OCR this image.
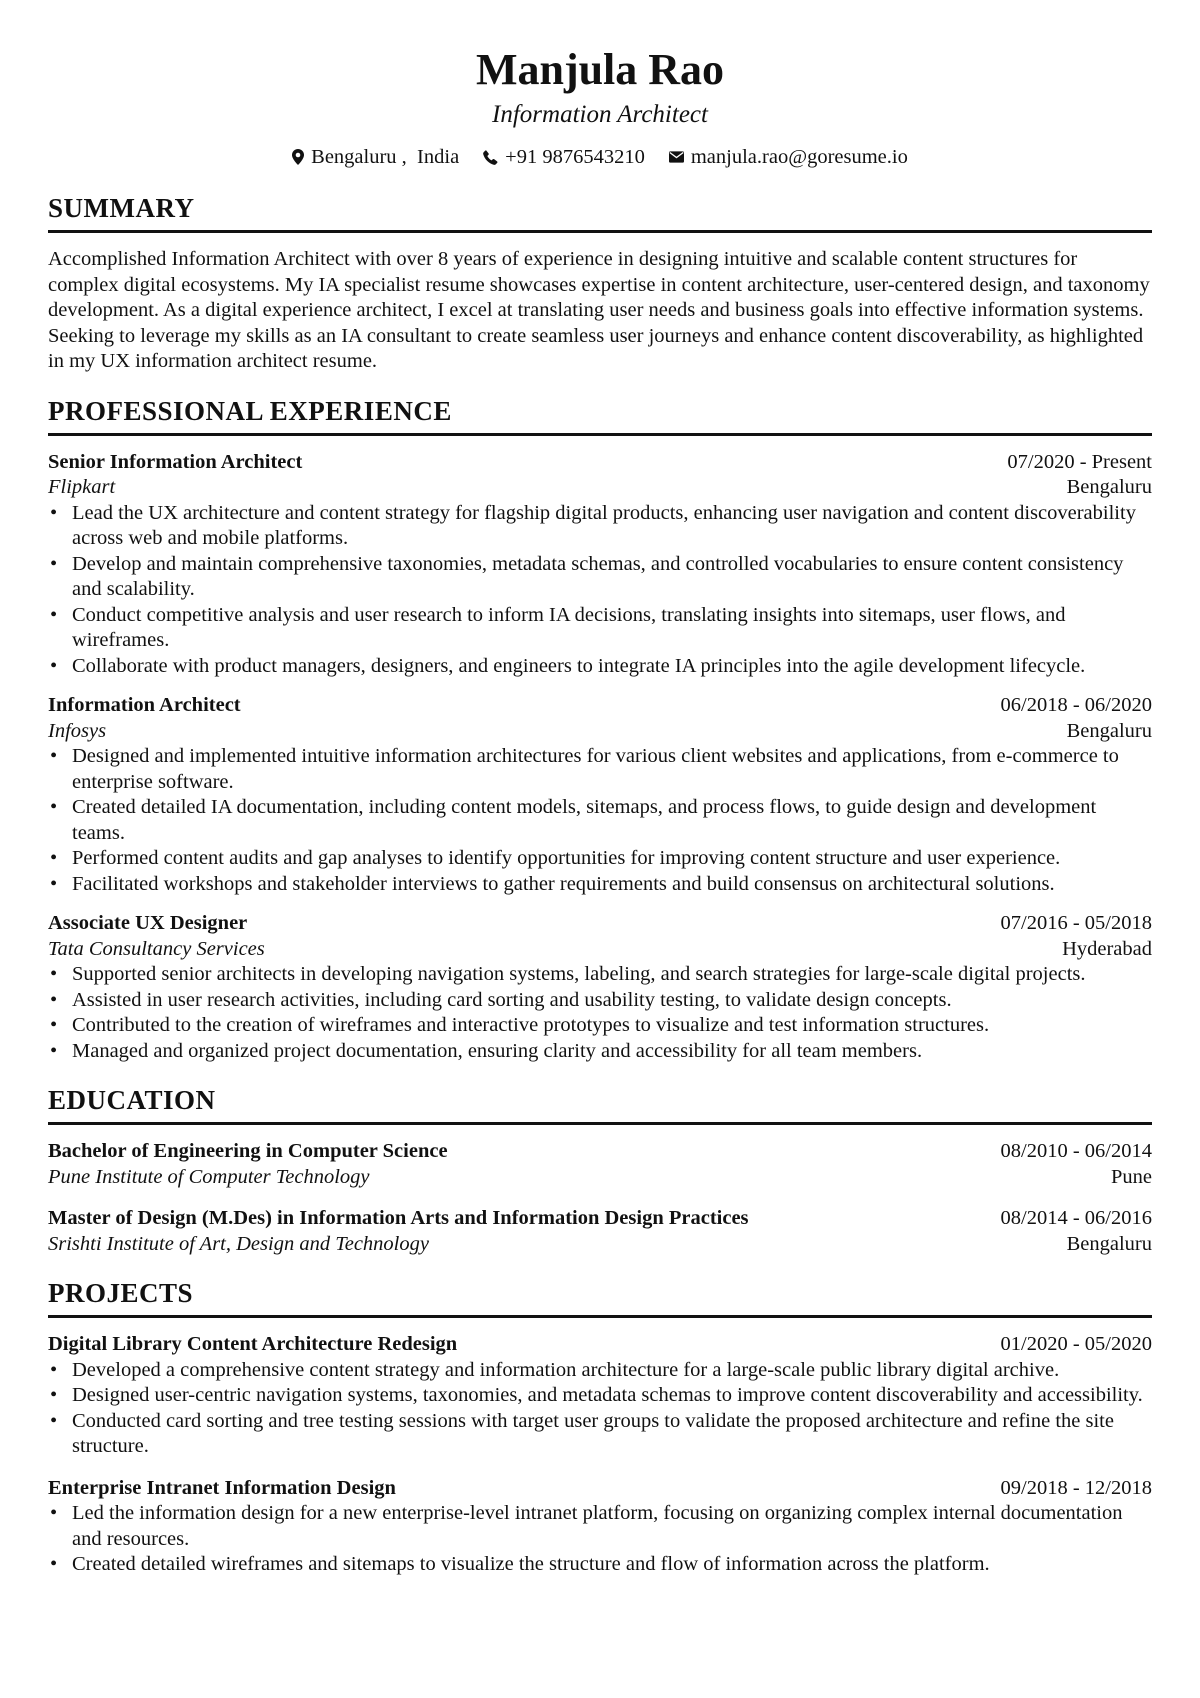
Manjula Rao
Information Architect
Bengaluru ,  India +91 9876543210 manjula.rao@goresume.io
SUMMARY
Accomplished Information Architect with over 8 years of experience in designing intuitive and scalable content structures for complex digital ecosystems. My IA specialist resume showcases expertise in content architecture, user-centered design, and taxonomy development. As a digital experience architect, I excel at translating user needs and business goals into effective information systems. Seeking to leverage my skills as an IA consultant to create seamless user journeys and enhance content discoverability, as highlighted in my UX information architect resume.
PROFESSIONAL EXPERIENCE
Senior Information Architect	07/2020 - Present
Flipkart	Bengaluru
• Lead the UX architecture and content strategy for flagship digital products, enhancing user navigation and content discoverability across web and mobile platforms.
• Develop and maintain comprehensive taxonomies, metadata schemas, and controlled vocabularies to ensure content consistency and scalability.
• Conduct competitive analysis and user research to inform IA decisions, translating insights into sitemaps, user flows, and wireframes.
• Collaborate with product managers, designers, and engineers to integrate IA principles into the agile development lifecycle.
Information Architect	06/2018 - 06/2020
Infosys	Bengaluru
• Designed and implemented intuitive information architectures for various client websites and applications, from e-commerce to enterprise software.
• Created detailed IA documentation, including content models, sitemaps, and process flows, to guide design and development teams.
• Performed content audits and gap analyses to identify opportunities for improving content structure and user experience.
• Facilitated workshops and stakeholder interviews to gather requirements and build consensus on architectural solutions.
Associate UX Designer	07/2016 - 05/2018
Tata Consultancy Services	Hyderabad
• Supported senior architects in developing navigation systems, labeling, and search strategies for large-scale digital projects.
• Assisted in user research activities, including card sorting and usability testing, to validate design concepts.
• Contributed to the creation of wireframes and interactive prototypes to visualize and test information structures.
• Managed and organized project documentation, ensuring clarity and accessibility for all team members.
EDUCATION
Bachelor of Engineering in Computer Science	08/2010 - 06/2014
Pune Institute of Computer Technology	Pune
Master of Design (M.Des) in Information Arts and Information Design Practices	08/2014 - 06/2016
Srishti Institute of Art, Design and Technology	Bengaluru
PROJECTS
Digital Library Content Architecture Redesign	01/2020 - 05/2020
• Developed a comprehensive content strategy and information architecture for a large-scale public library digital archive.
• Designed user-centric navigation systems, taxonomies, and metadata schemas to improve content discoverability and accessibility.
• Conducted card sorting and tree testing sessions with target user groups to validate the proposed architecture and refine the site structure.
Enterprise Intranet Information Design	09/2018 - 12/2018
• Led the information design for a new enterprise-level intranet platform, focusing on organizing complex internal documentation and resources.
• Created detailed wireframes and sitemaps to visualize the structure and flow of information across the platform.
